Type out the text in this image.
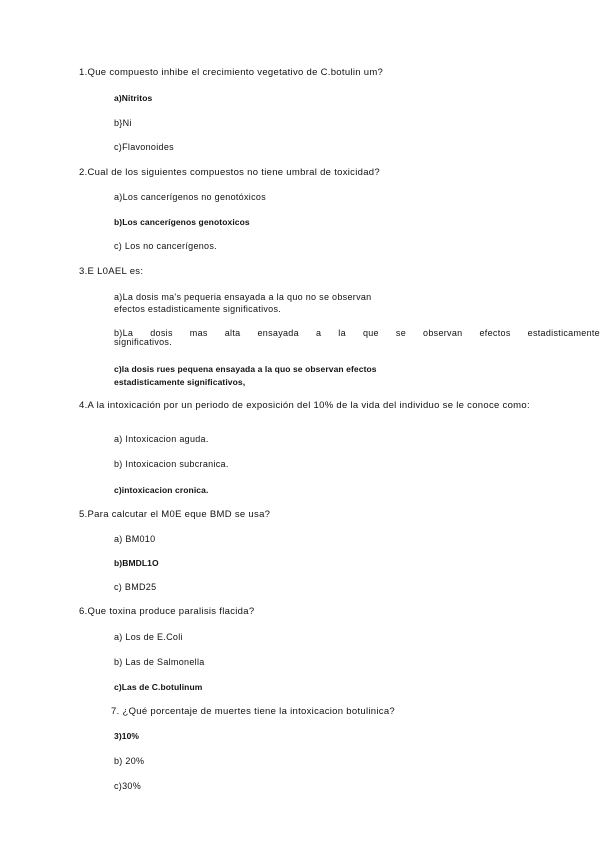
1.Que compuesto inhibe el crecimiento vegetativo de C.botulin um?
a)Nitritos
b}Ni
c)Flavonoides
2.Cual de los siguientes compuestos no tiene umbral de toxicidad?
a)Los cancerígenos no genotóxicos
b)Los cancerígenos genotoxicos
c) Los no cancerígenos.
3.E L0AEL es:
a)La dosis ma's pequeria ensayada a la quo no se observan
efectos estadisticamente significativos.
b)La dosis mas alta ensayada a la que se observan efectos estadisticamente
significativos.
c)la dosis rues pequena ensayada a la quo se observan efectos
estadisticamente significativos,
4.A la intoxicación por un periodo de exposición del 10% de la vida del individuo se le conoce como:
a) Intoxicacion aguda.
b) Intoxicacion subcranica.
c)intoxicacion cronica.
5.Para calcutar el M0E eque BMD se usa?
a) BM010
b)BMDL1O
c) BMD25
6.Que toxina produce paralisis flacida?
a) Los de E.Coli
b) Las de Salmonella
c)Las de C.botulinum
7. ¿Qué porcentaje de muertes tiene la intoxicacion botulinica?
3)10%
b) 20%
c)30%
